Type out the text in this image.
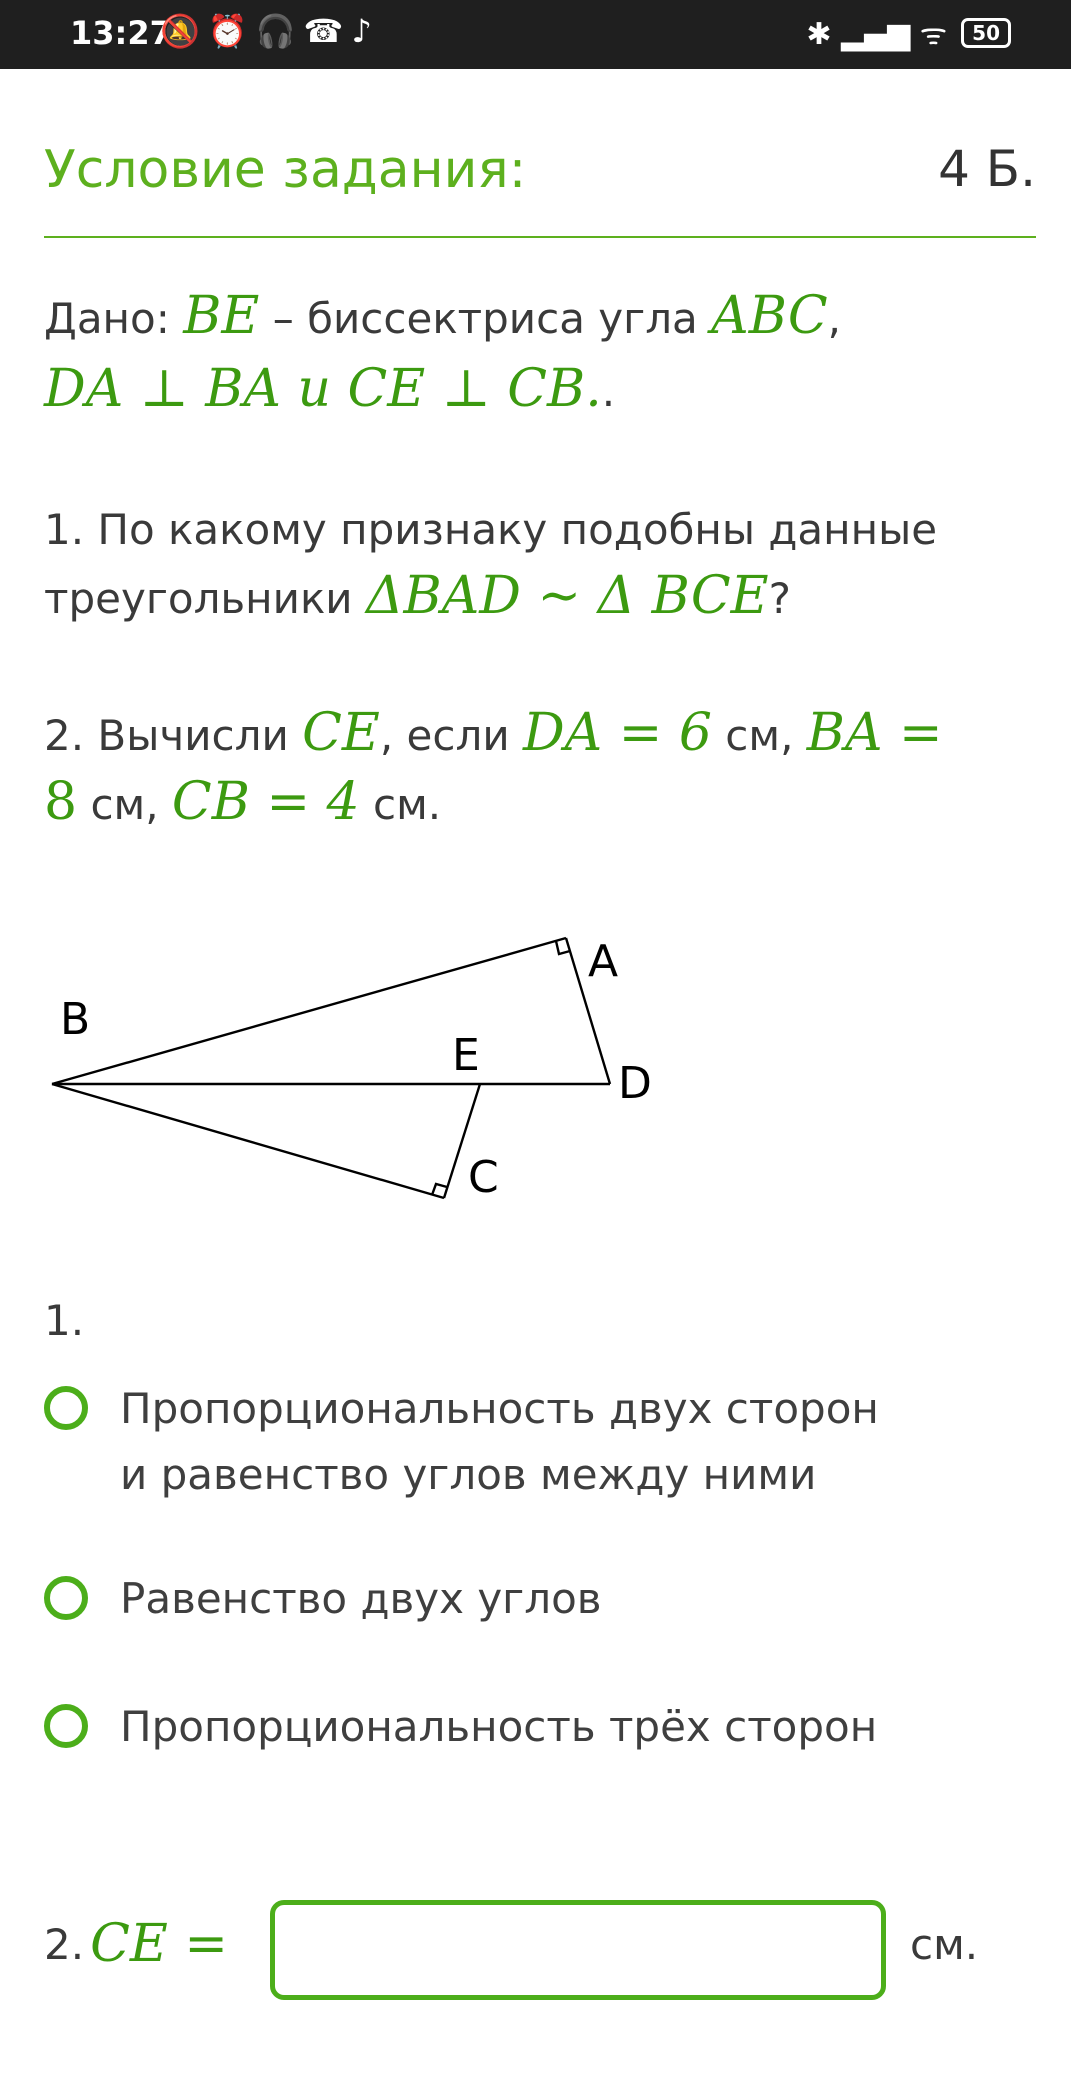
13:27
🔕⏰🎧☎♪	✱ ▂▄▆ ᯤ	50
Условие задания:	4 Б.
Дано: BE – биссектриса угла ABC,
DA ⊥ BA и CE ⊥ CB..
1. По какому признаку подобны данные
треугольники ΔBAD ∼ Δ BCE?
2. Вычисли CE, если DA = 6 см, BA =
8 см, CB = 4 см.
B
A
E
D
C
1.
Пропорциональность двух сторон и равенство углов между ними
Равенство двух углов
Пропорциональность трёх сторон
2. CE =	см.
